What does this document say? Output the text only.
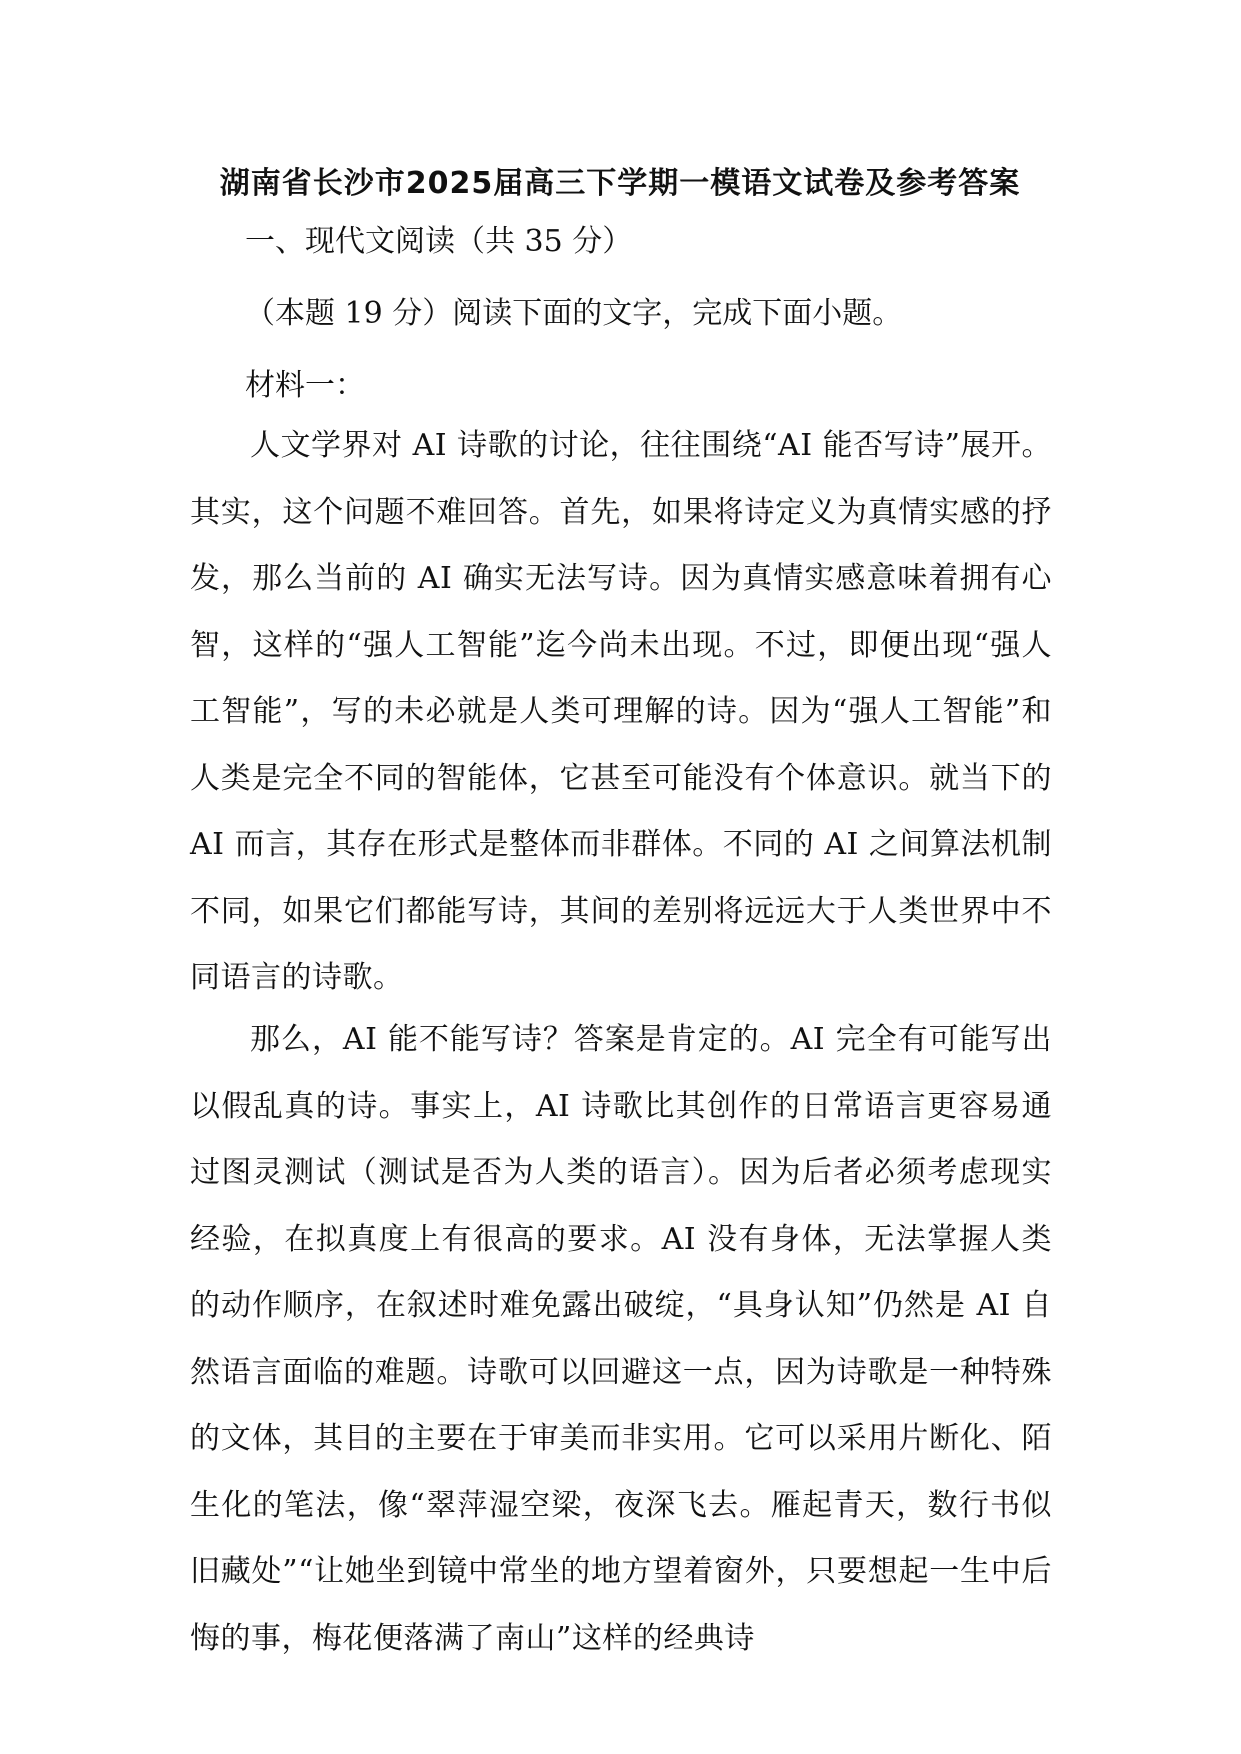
湖南省长沙市2025届高三下学期一模语文试卷及参考答案

一、现代文阅读（共 35 分）

（本题 19 分）阅读下面的文字，完成下面小题。

材料一：

人文学界对 AI 诗歌的讨论，往往围绕“AI 能否写诗”展开。其实，这个问题不难回答。首先，如果将诗定义为真情实感的抒发，那么当前的 AI 确实无法写诗。因为真情实感意味着拥有心智，这样的“强人工智能”迄今尚未出现。不过，即便出现“强人工智能”，写的未必就是人类可理解的诗。因为“强人工智能”和人类是完全不同的智能体，它甚至可能没有个体意识。就当下的 AI 而言，其存在形式是整体而非群体。不同的 AI 之间算法机制不同，如果它们都能写诗，其间的差别将远远大于人类世界中不同语言的诗歌。

那么，AI 能不能写诗？答案是肯定的。AI 完全有可能写出以假乱真的诗。事实上，AI 诗歌比其创作的日常语言更容易通过图灵测试（测试是否为人类的语言）。因为后者必须考虑现实经验，在拟真度上有很高的要求。AI 没有身体，无法掌握人类的动作顺序，在叙述时难免露出破绽，“具身认知”仍然是 AI 自然语言面临的难题。诗歌可以回避这一点，因为诗歌是一种特殊的文体，其目的主要在于审美而非实用。它可以采用片断化、陌生化的笔法，像“翠萍湿空梁，夜深飞去。雁起青天，数行书似旧藏处”“让她坐到镜中常坐的地方望着窗外，只要想起一生中后悔的事，梅花便落满了南山”这样的经典诗
